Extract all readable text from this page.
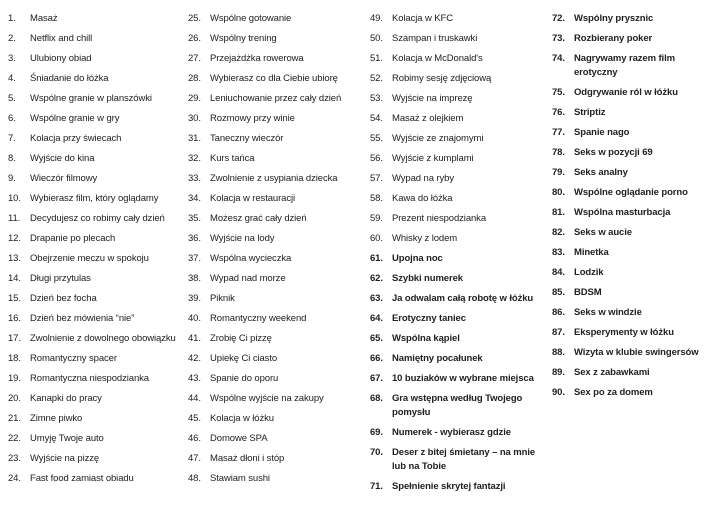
1.	Masaż
2.	Netflix and chill
3.	Ulubiony obiad
4.	Śniadanie do łóżka
5.	Wspólne granie w planszówki
6.	Wspólne granie w gry
7.	Kolacja przy świecach
8.	Wyjście do kina
9.	Wieczór filmowy
10. Wybierasz film, który oglądamy
11.	Decydujesz co robimy cały dzień
12. Drapanie po plecach
13. Obejrzenie meczu w spokoju
14. Długi przytulas
15. Dzień bez focha
16. Dzień bez mówienia “nie”
17. Zwolnienie z dowolnego obowiązku
18. Romantyczny spacer
19. Romantyczna niespodzianka
20. Kanapki do pracy
21. Zimne piwko
22. Umyję Twoje auto
23. Wyjście na pizzę
24. Fast food zamiast obiadu
25. Wspólne gotowanie
26. Wspólny trening
27. Przejażdżka rowerowa
28. Wybierasz co dla Ciebie ubiorę
29. Leniuchowanie przez cały dzień
30. Rozmowy przy winie
31. Taneczny wieczór
32. Kurs tańca
33. Zwolnienie z usypiania dziecka
34. Kolacja w restauracji
35. Możesz grać cały dzień
36. Wyjście na lody
37. Wspólna wycieczka
38. Wypad nad morze
39. Piknik
40. Romantyczny weekend
41. Zrobię Ci pizzę
42. Upiekę Ci ciasto
43. Spanie do oporu
44. Wspólne wyjście na zakupy
45. Kolacja w łóżku
46. Domowe SPA
47. Masaż dłoni i stóp
48. Stawiam sushi
49. Kolacja w KFC
50. Szampan i truskawki
51. Kolacja w McDonald's
52. Robimy sesję zdjęciową
53. Wyjście na imprezę
54. Masaż z olejkiem
55. Wyjście ze znajomymi
56. Wyjście z kumplami
57. Wypad na ryby
58. Kawa do łóżka
59. Prezent niespodzianka
60. Whisky z lodem
61. Upojna noc
62. Szybki numerek
63. Ja odwalam całą robotę w łóżku
64. Erotyczny taniec
65. Wspólna kąpiel
66. Namiętny pocałunek
67. 10 buziaków w wybrane miejsca
68. Gra wstępna według Twojego pomysłu
69. Numerek - wybierasz gdzie
70. Deser z bitej śmietany – na mnie lub na Tobie
71. Spełnienie skrytej fantazji
72. Wspólny prysznic
73. Rozbierany poker
74. Nagrywamy razem film erotyczny
75. Odgrywanie ról w łóżku
76. Striptiz
77. Spanie nago
78. Seks w pozycji 69
79. Seks analny
80. Wspólne oglądanie porno
81. Wspólna masturbacja
82. Seks w aucie
83. Minetka
84. Lodzik
85. BDSM
86. Seks w windzie
87. Eksperymenty w łóżku
88. Wizyta w klubie swingersów
89. Sex z zabawkami
90. Sex po za domem
